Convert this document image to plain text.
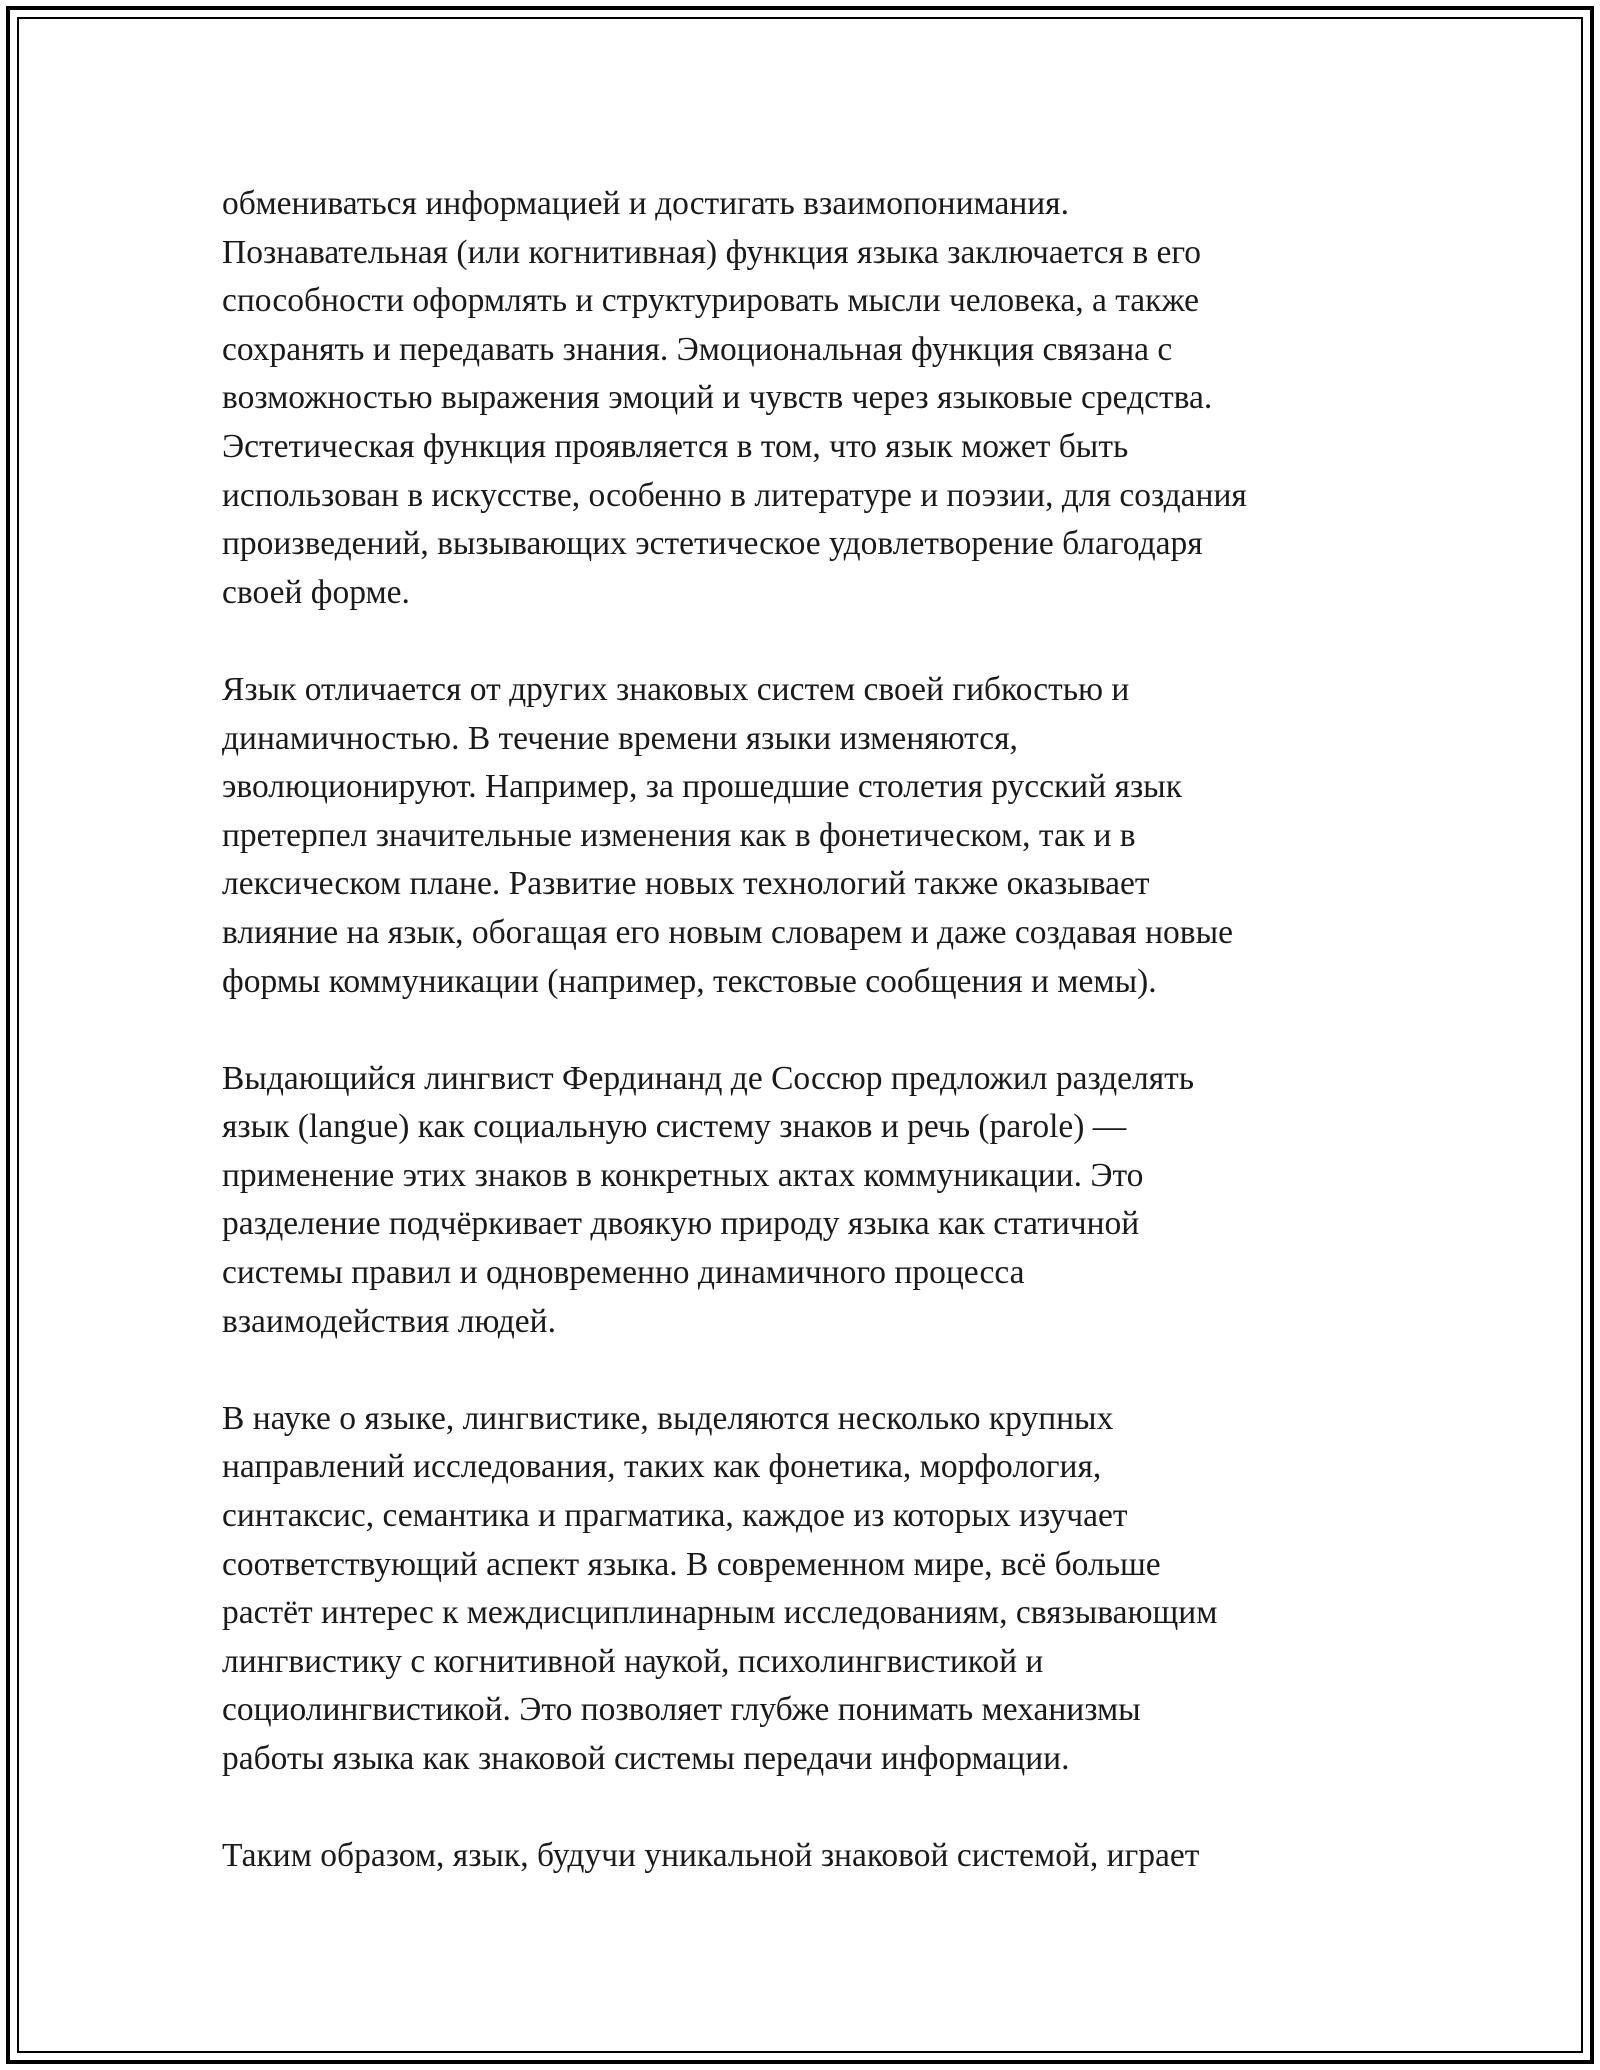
обмениваться информацией и достигать взаимопонимания.
Познавательная (или когнитивная) функция языка заключается в его
способности оформлять и структурировать мысли человека, а также
сохранять и передавать знания. Эмоциональная функция связана с
возможностью выражения эмоций и чувств через языковые средства.
Эстетическая функция проявляется в том, что язык может быть
использован в искусстве, особенно в литературе и поэзии, для создания
произведений, вызывающих эстетическое удовлетворение благодаря
своей форме.

Язык отличается от других знаковых систем своей гибкостью и
динамичностью. В течение времени языки изменяются,
эволюционируют. Например, за прошедшие столетия русский язык
претерпел значительные изменения как в фонетическом, так и в
лексическом плане. Развитие новых технологий также оказывает
влияние на язык, обогащая его новым словарем и даже создавая новые
формы коммуникации (например, текстовые сообщения и мемы).

Выдающийся лингвист Фердинанд де Соссюр предложил разделять
язык (langue) как социальную систему знаков и речь (parole) —
применение этих знаков в конкретных актах коммуникации. Это
разделение подчёркивает двоякую природу языка как статичной
системы правил и одновременно динамичного процесса
взаимодействия людей.

В науке о языке, лингвистике, выделяются несколько крупных
направлений исследования, таких как фонетика, морфология,
синтаксис, семантика и прагматика, каждое из которых изучает
соответствующий аспект языка. В современном мире, всё больше
растёт интерес к междисциплинарным исследованиям, связывающим
лингвистику с когнитивной наукой, психолингвистикой и
социолингвистикой. Это позволяет глубже понимать механизмы
работы языка как знаковой системы передачи информации.

Таким образом, язык, будучи уникальной знаковой системой, играет
